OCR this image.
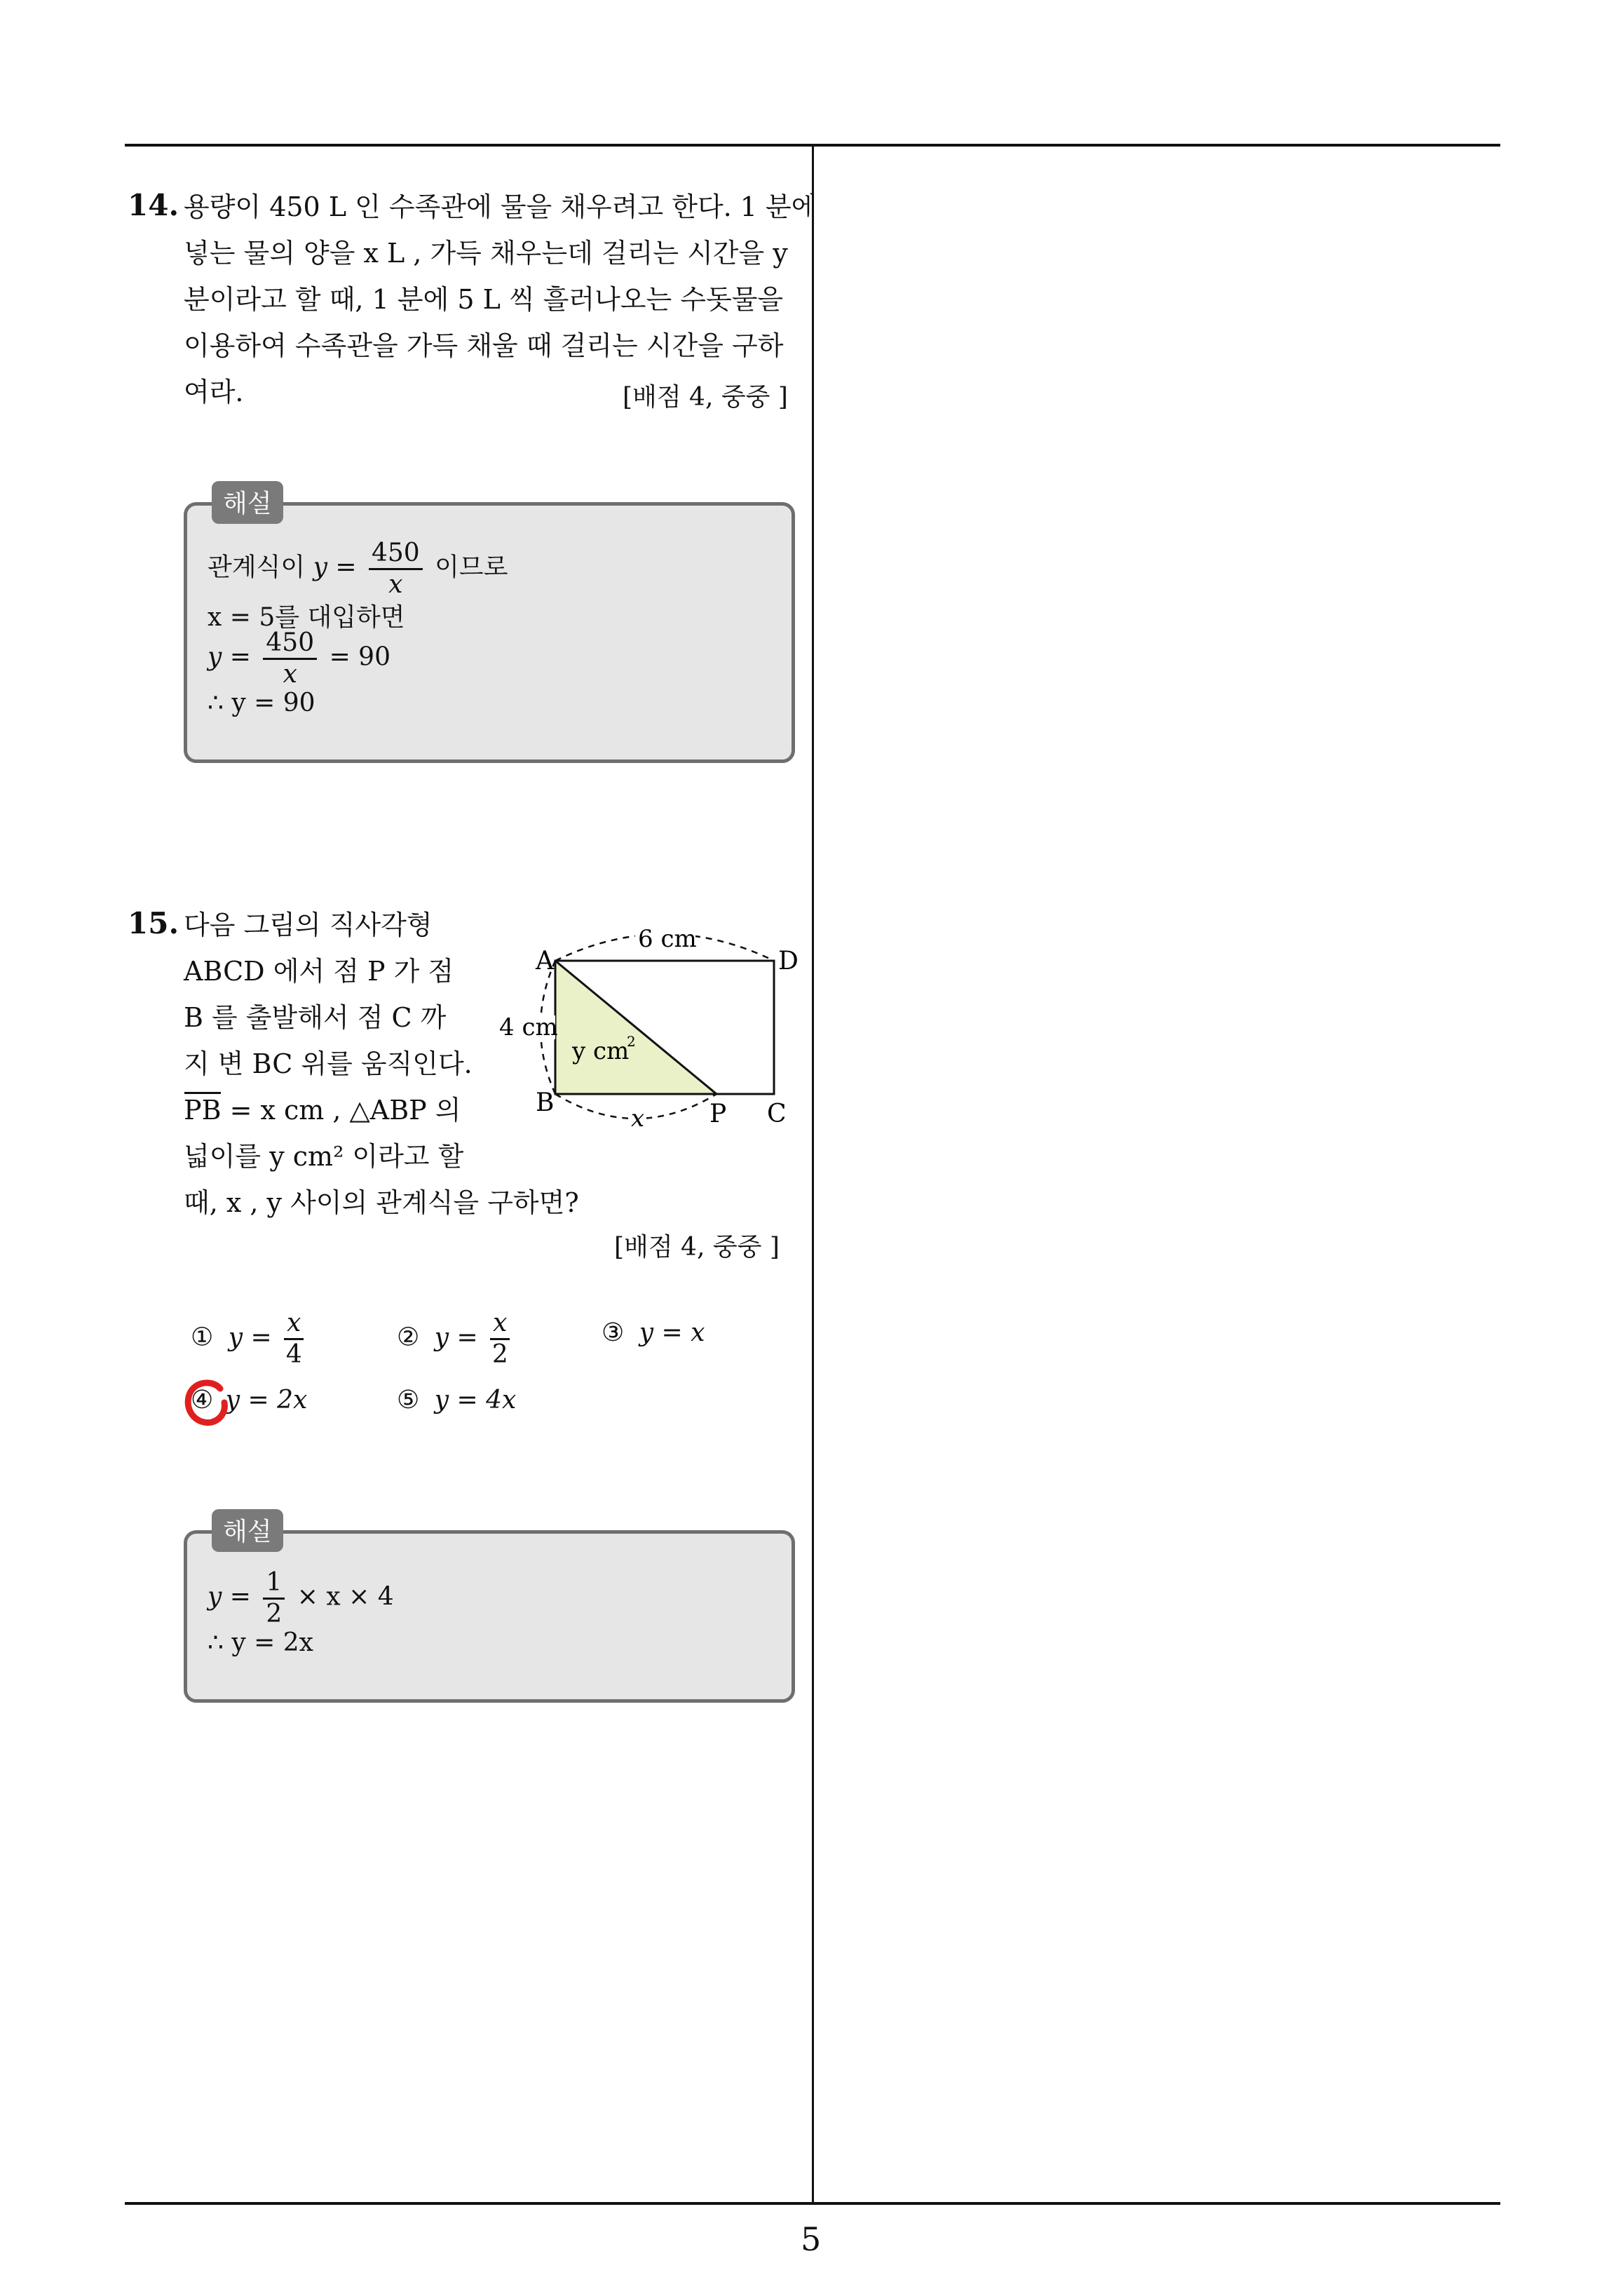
14. 용량이 450 L 인 수족관에 물을 채우려고 한다. 1 분에
넣는 물의 양을 x L , 가득 채우는데 걸리는 시간을 y
분이라고 할 때, 1 분에 5 L 씩 흘러나오는 수돗물을
이용하여 수족관을 가득 채울 때 걸리는 시간을 구하
여라.	[배점 4, 중중 ]
해설
관계식이 $y = \frac{450}{x}$ 이므로
x = 5를 대입하면
$y = \frac{450}{x} = 90$
∴ y = 90
15. 다음 그림의 직사각형
ABCD 에서 점 P 가 점
B 를 출발해서 점 C 까
지 변 BC 위를 움직인다.
PB = x cm , △ABP 의
넓이를 y cm² 이라고 할
때, x , y 사이의 관계식을 구하면?
[배점 4, 중중 ]
A	D
B	P C
6 cm
4 cm
x
y cm
2
① $y = \frac{x}{4}$	② $y = \frac{x}{2}$	③ y = x
④ y = 2x	⑤ y = 4x
해설
$y = \frac{1}{2} \times x \times 4$
∴ y = 2x
5
